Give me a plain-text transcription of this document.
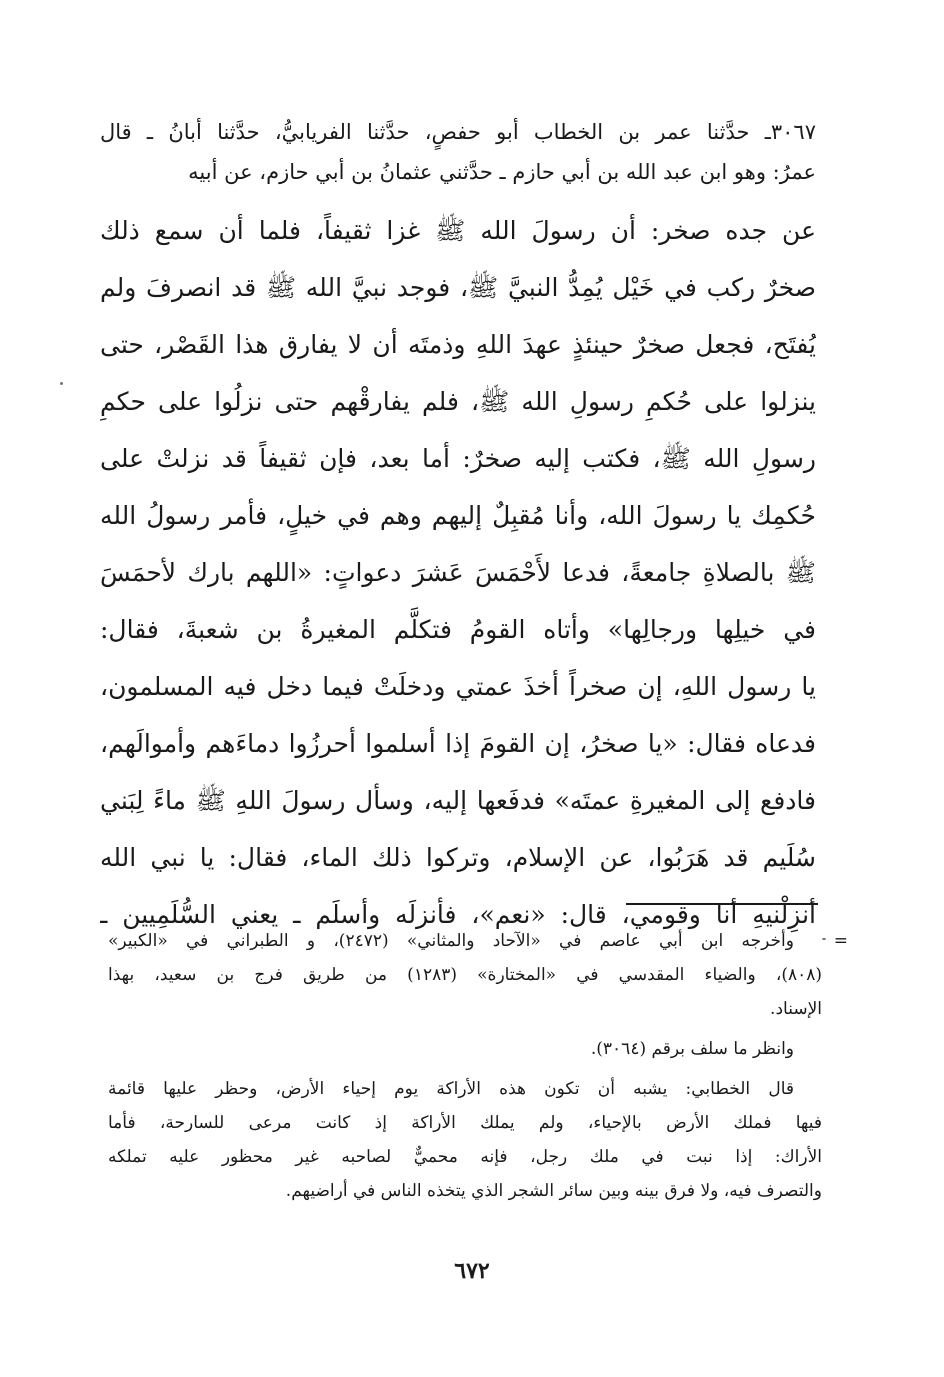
٣٠٦٧ـ حدَّثنا عمر بن الخطاب أبو حفصٍ، حدَّثنا الفريابيُّ، حدَّثنا أبانُ ـ قال

عمرُ: وهو ابن عبد الله بن أبي حازم ـ حدَّثني عثمانُ بن أبي حازم، عن أبيه

عن جده صخر: أن رسولَ الله ﷺ غزا ثقيفاً، فلما أن سمع ذلك

صخرٌ ركب في خَيْل يُمِدُّ النبيَّ ﷺ، فوجد نبيَّ الله ﷺ قد انصرفَ ولم

يُفتَح، فجعل صخرٌ حينئذٍ عهدَ اللهِ وذمتَه أن لا يفارق هذا القَصْر، حتى

ينزلوا على حُكمِ رسولِ الله ﷺ، فلم يفارقْهم حتى نزلُوا على حكمِ

رسولِ الله ﷺ، فكتب إليه صخرٌ: أما بعد، فإن ثقيفاً قد نزلتْ على

حُكمِك يا رسولَ الله، وأنا مُقبِلٌ إليهم وهم في خيلٍ، فأمر رسولُ الله

ﷺ بالصلاةِ جامعةً، فدعا لأَحْمَسَ عَشرَ دعواتٍ: «اللهم بارك لأحمَسَ

في خيلِها ورجالِها» وأتاه القومُ فتكلَّم المغيرةُ بن شعبةَ، فقال:

يا رسول اللهِ، إن صخراً أخذَ عمتي ودخلَتْ فيما دخل فيه المسلمون،

فدعاه فقال: «يا صخرُ، إن القومَ إذا أسلموا أحرزُوا دماءَهم وأموالَهم،

فادفع إلى المغيرةِ عمتَه» فدفَعها إليه، وسأل رسولَ اللهِ ﷺ ماءً لِبَني

سُلَيم قد هَرَبُوا، عن الإسلام، وتركوا ذلك الماء، فقال: يا نبي الله

أنزِلْنيهِ أنا وقومي، قال: «نعم»، فأنزلَه وأسلَم ـ يعني السُّلَمِيين ـ

=

وأخرجه ابن أبي عاصم في «الآحاد والمثاني» (٢٤٧٢)، و الطبراني في «الكبير»

(٨٠٨)، والضياء المقدسي في «المختارة» (١٢٨٣) من طريق فرج بن سعيد، بهذا

الإسناد.

وانظر ما سلف برقم (٣٠٦٤).

قال الخطابي: يشبه أن تكون هذه الأراكة يوم إحياء الأرض، وحظر عليها قائمة

فيها فملك الأرض بالإحياء، ولم يملك الأراكة إذ كانت مرعى للسارحة، فأما

الأراك: إذا نبت في ملك رجل، فإنه محميٌّ لصاحبه غير محظور عليه تملكه

والتصرف فيه، ولا فرق بينه وبين سائر الشجر الذي يتخذه الناس في أراضيهم.

٦٧٢
